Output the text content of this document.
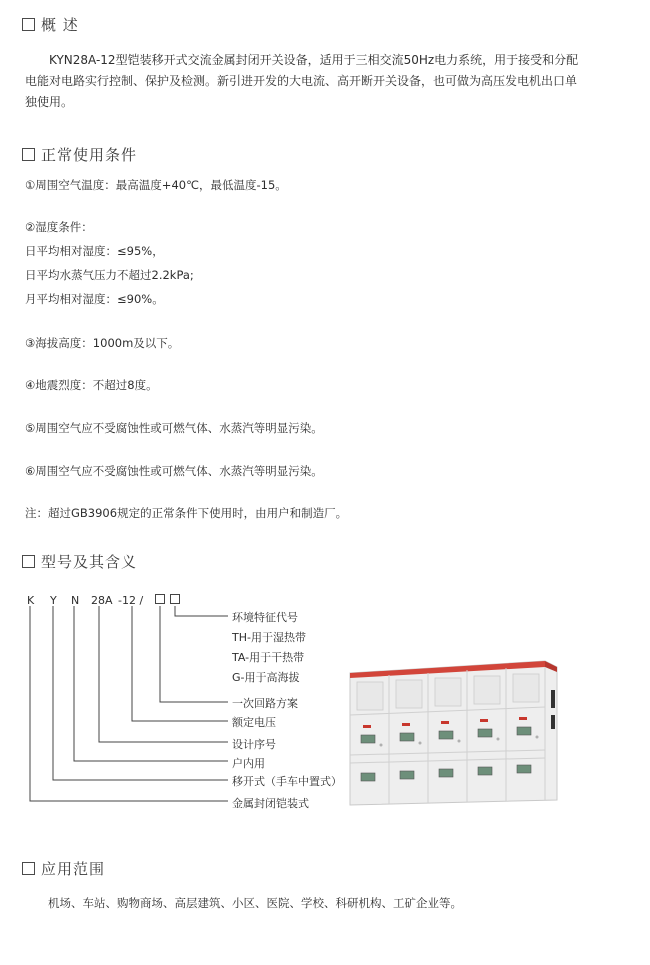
概 述
KYN28A-12型铠装移开式交流金属封闭开关设备，适用于三相交流50Hz电力系统，用于接受和分配电能对电路实行控制、保护及检测。新引进开发的大电流、高开断开关设备，也可做为高压发电机出口单独使用。
正常使用条件
①周围空气温度：最高温度+40℃，最低温度-15。
②湿度条件：
日平均相对湿度：≤95%，
日平均水蒸气压力不超过2.2kPa;
月平均相对湿度：≤90%。
③海拔高度：1000m及以下。
④地震烈度：不超过8度。
⑤周围空气应不受腐蚀性或可燃气体、水蒸汽等明显污染。
⑥周围空气应不受腐蚀性或可燃气体、水蒸汽等明显污染。
注：超过GB3906规定的正常条件下使用时，由用户和制造厂。
型号及其含义
K Y N 28A -12 /
环境特征代号
TH-用于湿热带
TA-用于干热带
G-用于高海拔
一次回路方案
额定电压
设计序号
户内用
移开式（手车中置式）
金属封闭铠装式
应用范围
机场、车站、购物商场、高层建筑、小区、医院、学校、科研机构、工矿企业等。
